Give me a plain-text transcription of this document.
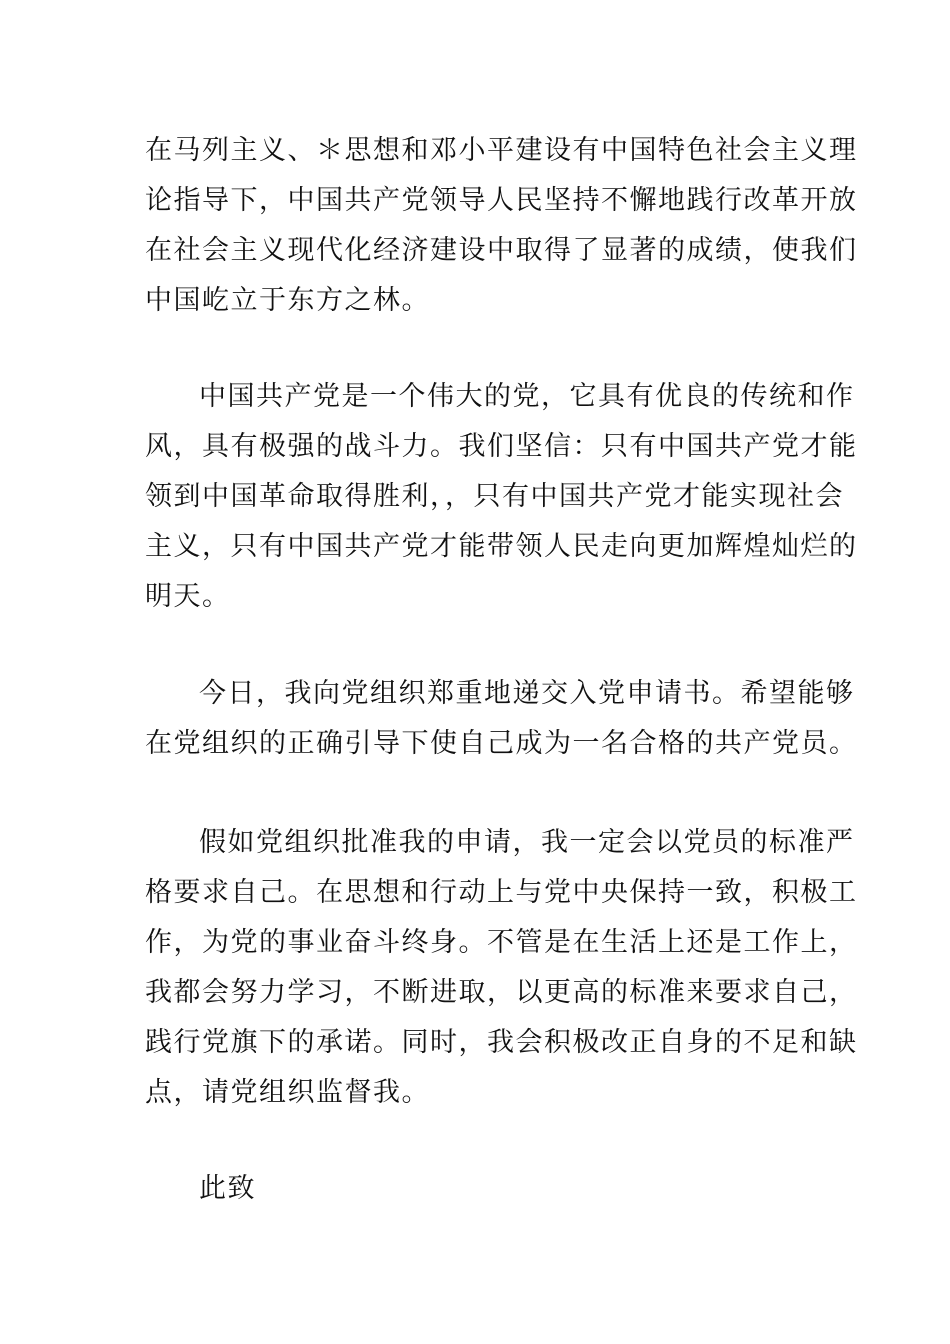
在马列主义、＊思想和邓小平建设有中国特色社会主义理
论指导下，中国共产党领导人民坚持不懈地践行改革开放
在社会主义现代化经济建设中取得了显著的成绩，使我们
中国屹立于东方之林。
中国共产党是一个伟大的党，它具有优良的传统和作
风，具有极强的战斗力。我们坚信：只有中国共产党才能
领到中国革命取得胜利，，只有中国共产党才能实现社会
主义，只有中国共产党才能带领人民走向更加辉煌灿烂的
明天。
今日，我向党组织郑重地递交入党申请书。希望能够
在党组织的正确引导下使自己成为一名合格的共产党员。
假如党组织批准我的申请，我一定会以党员的标准严
格要求自己。在思想和行动上与党中央保持一致，积极工
作，为党的事业奋斗终身。不管是在生活上还是工作上，
我都会努力学习，不断进取，以更高的标准来要求自己，
践行党旗下的承诺。同时，我会积极改正自身的不足和缺
点，请党组织监督我。
此致
